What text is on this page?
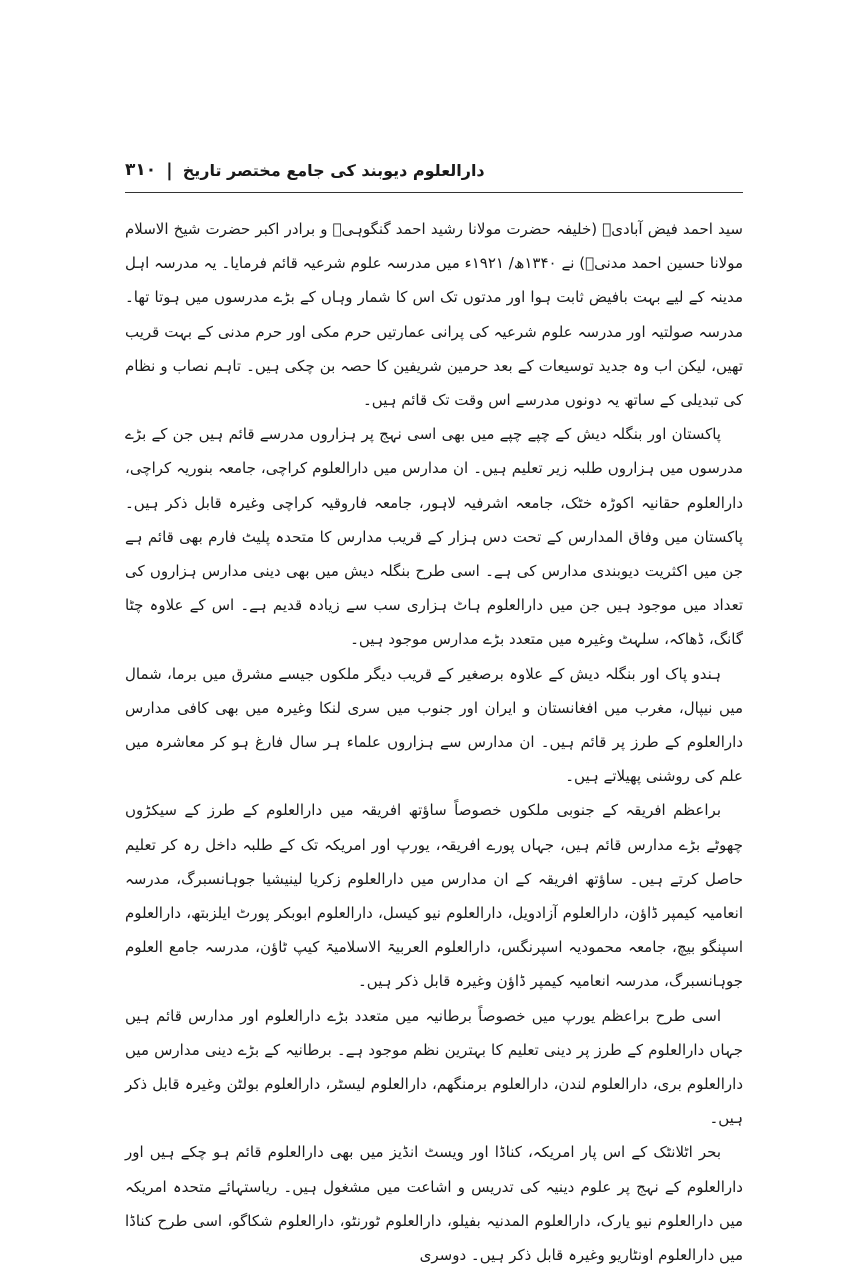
۳۱۰ | دارالعلوم دیوبند کی جامع مختصر تاریخ

سید احمد فیض آبادیؒ (خلیفہ حضرت مولانا رشید احمد گنگوہیؒ و برادر اکبر حضرت شیخ الاسلام مولانا حسین احمد مدنیؒ) نے ۱۳۴۰ھ/ ۱۹۲۱ء میں مدرسہ علوم شرعیہ قائم فرمایا۔ یہ مدرسہ اہل مدینہ کے لیے بہت بافیض ثابت ہوا اور مدتوں تک اس کا شمار وہاں کے بڑے مدرسوں میں ہوتا تھا۔ مدرسہ صولتیہ اور مدرسہ علوم شرعیہ کی پرانی عمارتیں حرم مکی اور حرم مدنی کے بہت قریب تھیں، لیکن اب وہ جدید توسیعات کے بعد حرمین شریفین کا حصہ بن چکی ہیں۔ تاہم نصاب و نظام کی تبدیلی کے ساتھ یہ دونوں مدرسے اس وقت تک قائم ہیں۔

پاکستان اور بنگلہ دیش کے چپے چپے میں بھی اسی نہج پر ہزاروں مدرسے قائم ہیں جن کے بڑے مدرسوں میں ہزاروں طلبہ زیر تعلیم ہیں۔ ان مدارس میں دارالعلوم کراچی، جامعہ بنوریہ کراچی، دارالعلوم حقانیہ اکوڑہ خٹک، جامعہ اشرفیہ لاہور، جامعہ فاروقیہ کراچی وغیرہ قابل ذکر ہیں۔ پاکستان میں وفاق المدارس کے تحت دس ہزار کے قریب مدارس کا متحدہ پلیٹ فارم بھی قائم ہے جن میں اکثریت دیوبندی مدارس کی ہے۔ اسی طرح بنگلہ دیش میں بھی دینی مدارس ہزاروں کی تعداد میں موجود ہیں جن میں دارالعلوم ہاٹ ہزاری سب سے زیادہ قدیم ہے۔ اس کے علاوہ چٹا گانگ، ڈھاکہ، سلہٹ وغیرہ میں متعدد بڑے مدارس موجود ہیں۔

ہندو پاک اور بنگلہ دیش کے علاوہ برصغیر کے قریب دیگر ملکوں جیسے مشرق میں برما، شمال میں نیپال، مغرب میں افغانستان و ایران اور جنوب میں سری لنکا وغیرہ میں بھی کافی مدارس دارالعلوم کے طرز پر قائم ہیں۔ ان مدارس سے ہزاروں علماء ہر سال فارغ ہو کر معاشرہ میں علم کی روشنی پھیلاتے ہیں۔

براعظم افریقہ کے جنوبی ملکوں خصوصاً ساؤتھ افریقہ میں دارالعلوم کے طرز کے سیکڑوں چھوٹے بڑے مدارس قائم ہیں، جہاں پورے افریقہ، یورپ اور امریکہ تک کے طلبہ داخل رہ کر تعلیم حاصل کرتے ہیں۔ ساؤتھ افریقہ کے ان مدارس میں دارالعلوم زکریا لینیشیا جوہانسبرگ، مدرسہ انعامیہ کیمپر ڈاؤن، دارالعلوم آزادویل، دارالعلوم نیو کیسل، دارالعلوم ابوبکر پورٹ ایلزبتھ، دارالعلوم اسپنگو بیچ، جامعہ محمودیہ اسپرنگس، دارالعلوم العربیۃ الاسلامیۃ کیپ ٹاؤن، مدرسہ جامع العلوم جوہانسبرگ، مدرسہ انعامیہ کیمپر ڈاؤن وغیرہ قابل ذکر ہیں۔

اسی طرح براعظم یورپ میں خصوصاً برطانیہ میں متعدد بڑے دارالعلوم اور مدارس قائم ہیں جہاں دارالعلوم کے طرز پر دینی تعلیم کا بہترین نظم موجود ہے۔ برطانیہ کے بڑے دینی مدارس میں دارالعلوم بری، دارالعلوم لندن، دارالعلوم برمنگھم، دارالعلوم لیسٹر، دارالعلوم بولٹن وغیرہ قابل ذکر ہیں۔

بحر اٹلانٹک کے اس پار امریکہ، کناڈا اور ویسٹ انڈیز میں بھی دارالعلوم قائم ہو چکے ہیں اور دارالعلوم کے نہج پر علوم دینیہ کی تدریس و اشاعت میں مشغول ہیں۔ ریاستہائے متحدہ امریکہ میں دارالعلوم نیو یارک، دارالعلوم المدنیہ بفیلو، دارالعلوم ٹورنٹو، دارالعلوم شکاگو، اسی طرح کناڈا میں دارالعلوم اونٹاریو وغیرہ قابل ذکر ہیں۔ دوسری
